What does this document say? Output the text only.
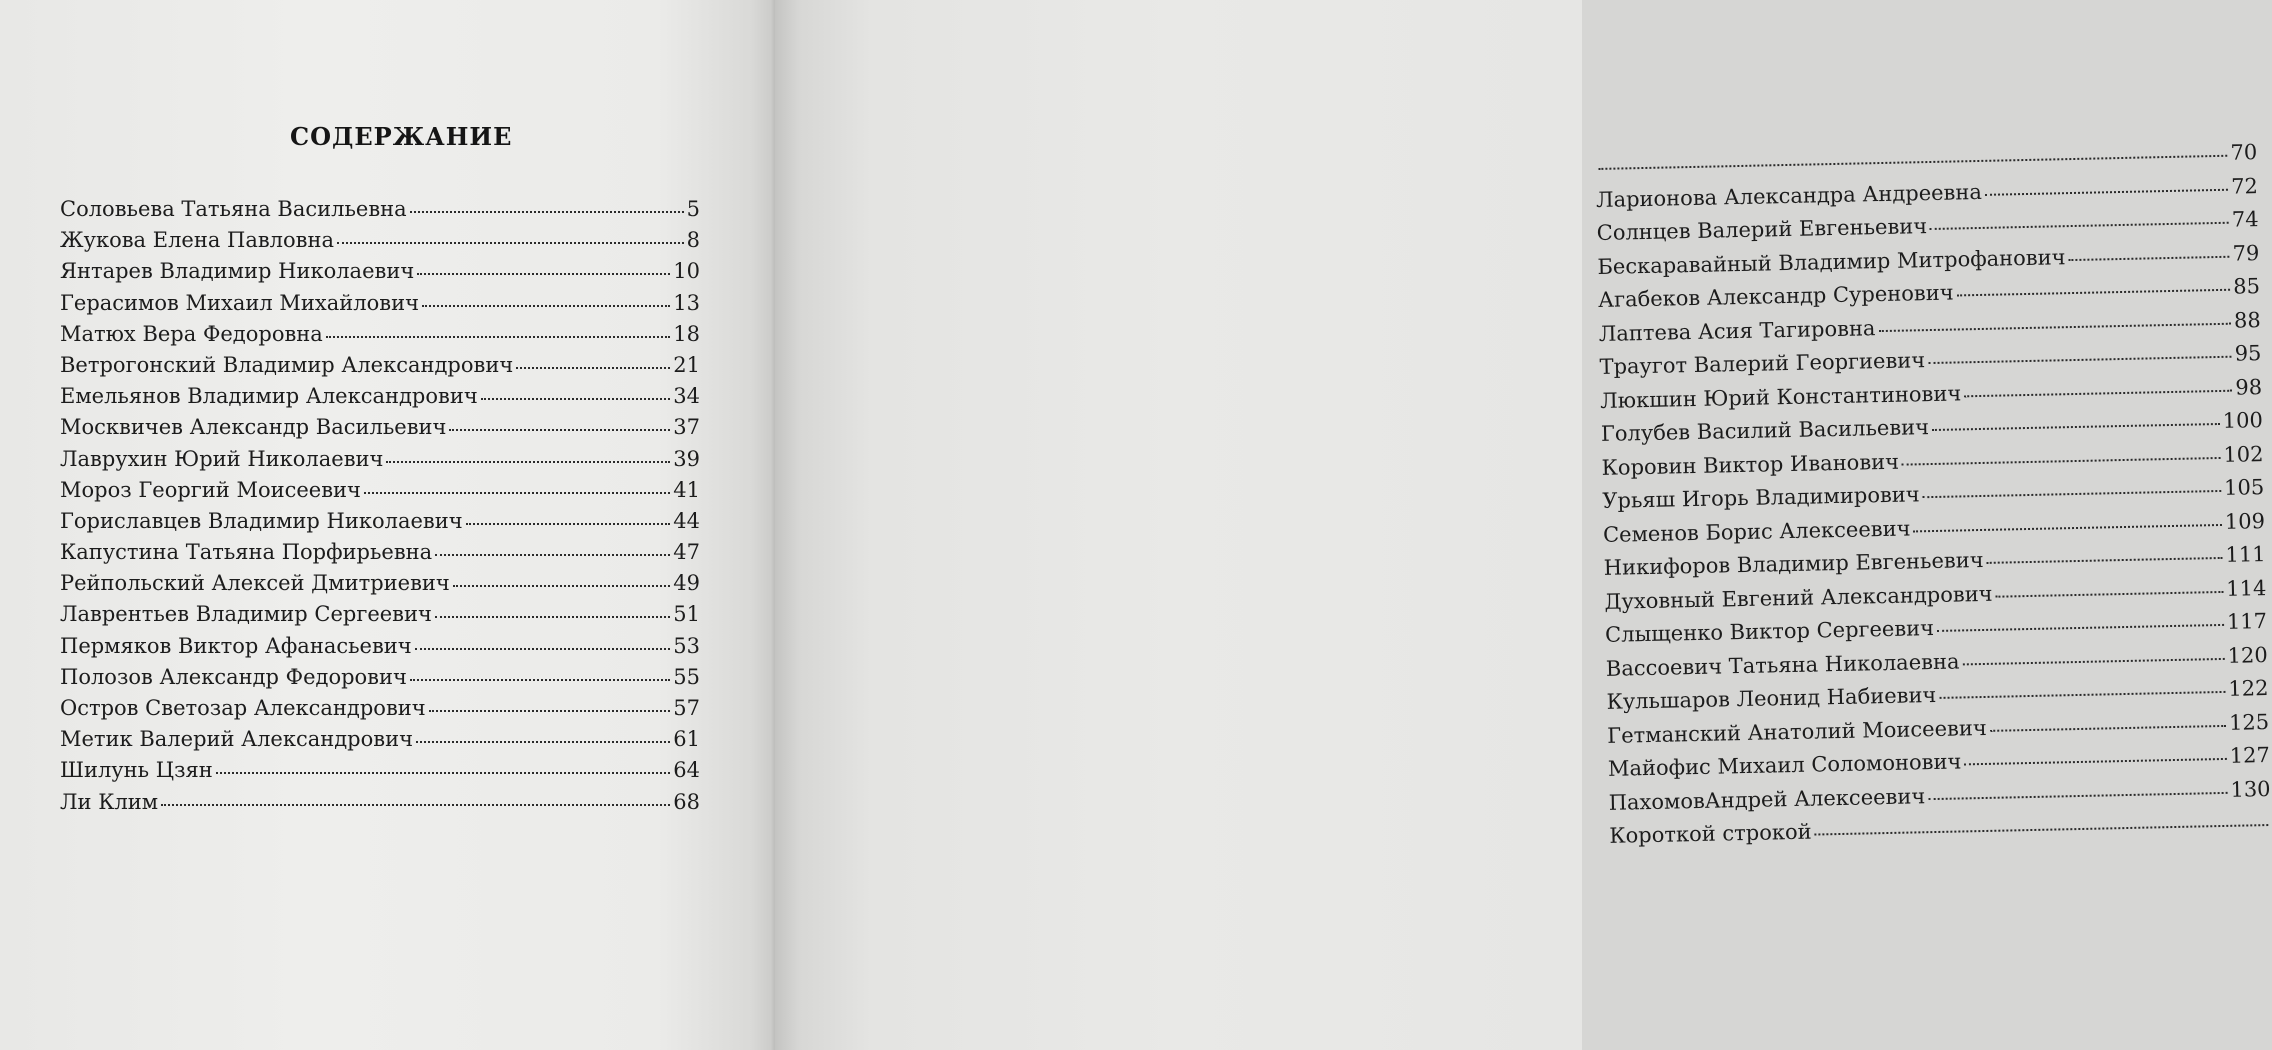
СОДЕРЖАНИЕ
Соловьева Татьяна Васильевна	5
Жукова Елена Павловна	8
Янтарев Владимир Николаевич	10
Герасимов Михаил Михайлович	13
Матюх Вера Федоровна	18
Ветрогонский Владимир Александрович	21
Емельянов Владимир Александрович	34
Москвичев Александр Васильевич	37
Лаврухин Юрий Николаевич	39
Мороз Георгий Моисеевич	41
Гориславцев Владимир Николаевич	44
Капустина Татьяна Порфирьевна	47
Рейпольский Алексей Дмитриевич	49
Лаврентьев Владимир Сергеевич	51
Пермяков Виктор Афанасьевич	53
Полозов Александр Федорович	55
Остров Светозар Александрович	57
Метик Валерий Александрович	61
Шилунь Цзян	64
Ли Клим	68
70
Ларионова Александра Андреевна	72
Солнцев Валерий Евгеньевич	74
Бескаравайный Владимир Митрофанович	79
Агабеков Александр Суренович	85
Лаптева Асия Тагировна	88
Траугот Валерий Георгиевич	95
Люкшин Юрий Константинович	98
Голубев Василий Васильевич	100
Коровин Виктор Иванович	102
Урьяш Игорь Владимирович	105
Семенов Борис Алексеевич	109
Никифоров Владимир Евгеньевич	111
Духовный Евгений Александрович	114
Слыщенко Виктор Сергеевич	117
Вассоевич Татьяна Николаевна	120
Кульшаров Леонид Набиевич	122
Гетманский Анатолий Моисеевич	125
Майофис Михаил Соломонович	127
ПахомовАндрей Алексеевич	130
Короткой строкой
